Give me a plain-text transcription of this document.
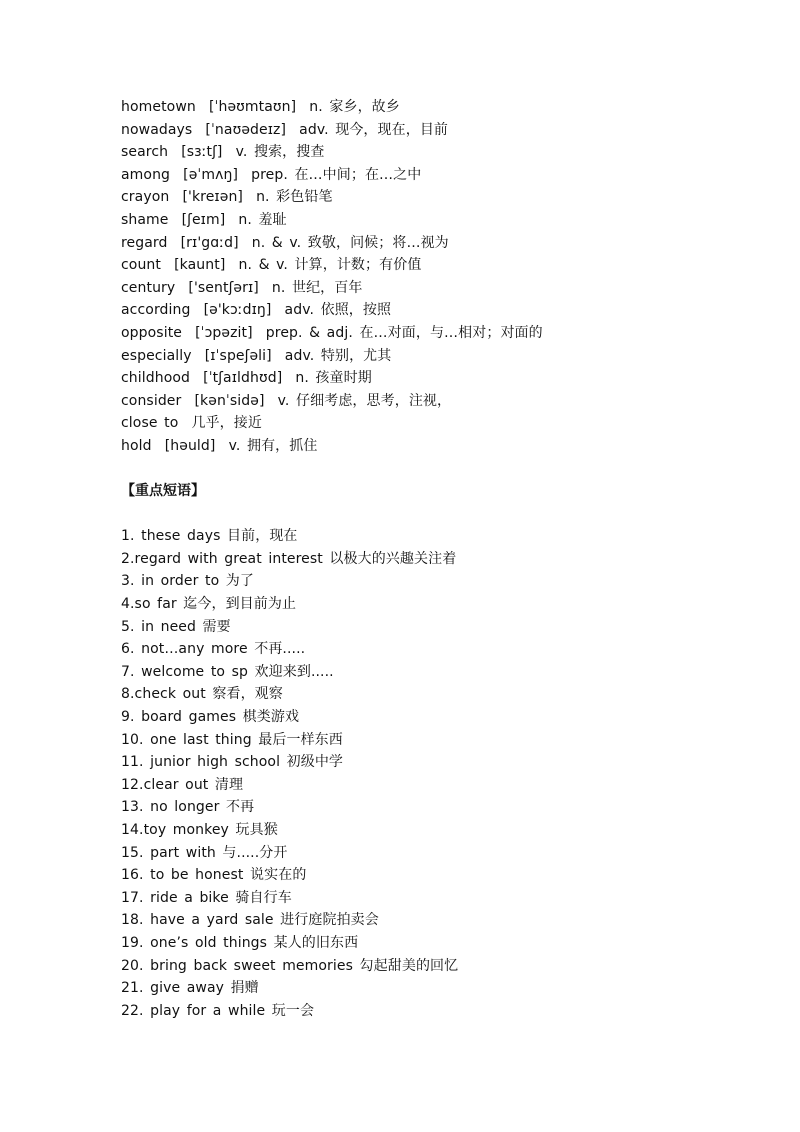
hometown  [ˈhəʊmtaʊn]  n. 家乡，故乡
nowadays  [ˈnaʊədeɪz]  adv. 现今，现在，目前
search  [sɜːtʃ]  v. 搜索，搜查
among  [əˈmʌŋ]  prep. 在…中间；在…之中
crayon  ['kreɪən]  n. 彩色铅笔
shame  [ʃeɪm]  n. 羞耻
regard  [rɪ'gɑːd]  n. & v. 致敬，问候；将…视为
count  [kaunt]  n. & v. 计算，计数；有价值
century  ['sentʃərɪ]  n. 世纪，百年
according  [ə'kɔːdɪŋ]  adv. 依照，按照
opposite  [ˈɔpəzit]  prep. & adj. 在…对面，与…相对；对面的
especially  [ɪˈspeʃəli]  adv. 特别，尤其
childhood  [ˈtʃaɪldhʊd]  n. 孩童时期
consider  [kənˈsidə]  v. 仔细考虑，思考，注视，
close to  几乎，接近
hold  [həuld]  v. 拥有，抓住
【重点短语】
1. these days 目前，现在
2.regard with great interest 以极大的兴趣关注着
3. in order to 为了
4.so far 迄今，到目前为止
5. in need 需要
6. not…any more 不再.....
7. welcome to sp 欢迎来到.....
8.check out 察看，观察
9. board games 棋类游戏
10. one last thing 最后一样东西
11. junior high school 初级中学
12.clear out 清理
13. no longer 不再
14.toy monkey 玩具猴
15. part with 与.....分开
16. to be honest 说实在的
17. ride a bike 骑自行车
18. have a yard sale 进行庭院拍卖会
19. one’s old things 某人的旧东西
20. bring back sweet memories 勾起甜美的回忆
21. give away 捐赠
22. play for a while 玩一会
